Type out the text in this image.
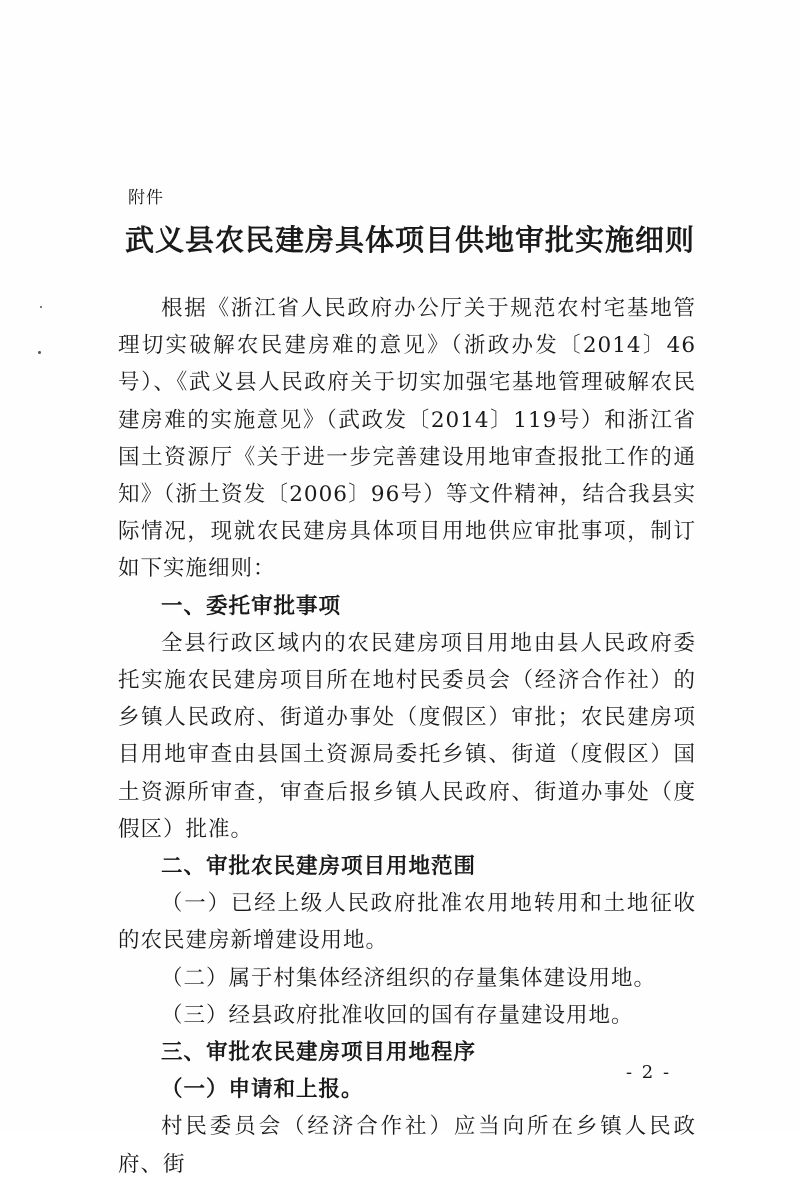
附件
武义县农民建房具体项目供地审批实施细则

根据《浙江省人民政府办公厅关于规范农村宅基地管理切实破解农民建房难的意见》（浙政办发〔2014〕46号）、《武义县人民政府关于切实加强宅基地管理破解农民建房难的实施意见》（武政发〔2014〕119号）和浙江省国土资源厅《关于进一步完善建设用地审查报批工作的通知》（浙土资发〔2006〕96号）等文件精神，结合我县实际情况，现就农民建房具体项目用地供应审批事项，制订如下实施细则：

一、委托审批事项

全县行政区域内的农民建房项目用地由县人民政府委托实施农民建房项目所在地村民委员会（经济合作社）的乡镇人民政府、街道办事处（度假区）审批；农民建房项目用地审查由县国土资源局委托乡镇、街道（度假区）国土资源所审查，审查后报乡镇人民政府、街道办事处（度假区）批准。

二、审批农民建房项目用地范围

（一）已经上级人民政府批准农用地转用和土地征收的农民建房新增建设用地。

（二）属于村集体经济组织的存量集体建设用地。

（三）经县政府批准收回的国有存量建设用地。

三、审批农民建房项目用地程序

（一）申请和上报。

村民委员会（经济合作社）应当向所在乡镇人民政府、街

- 2 -
